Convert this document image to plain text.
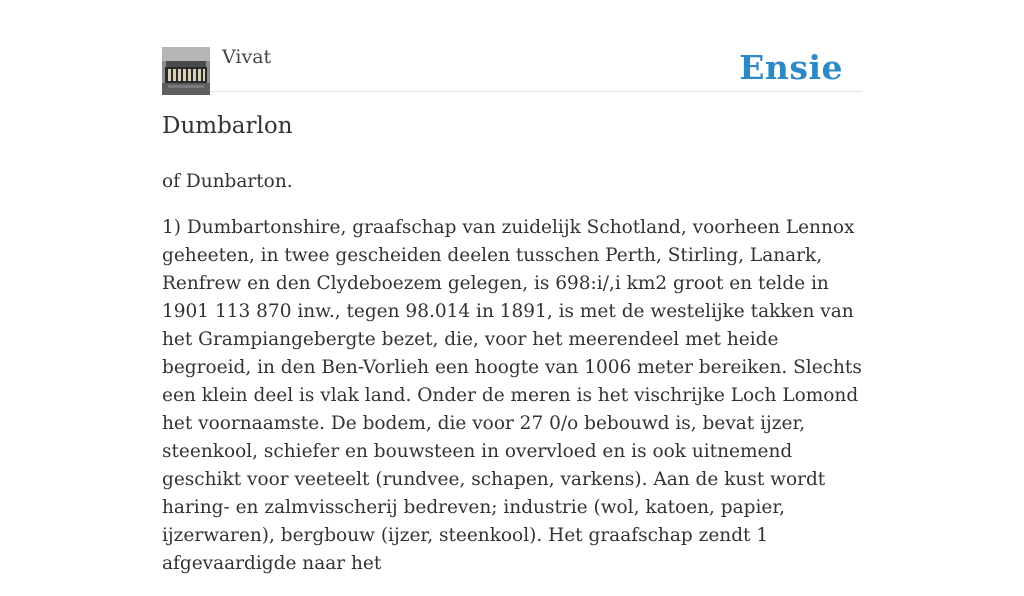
Vivat	Ensie
Dumbarlon

of Dunbarton.

1) Dumbartonshire, graafschap van zuidelijk Schotland, voorheen Lennox geheeten, in twee gescheiden deelen tusschen Perth, Stirling, Lanark, Renfrew en den Clydeboezem gelegen, is 698:i/,i km2 groot en telde in 1901 113 870 inw., tegen 98.014 in 1891, is met de westelijke takken van het Grampiangebergte bezet, die, voor het meerendeel met heide begroeid, in den Ben-Vorlieh een hoogte van 1006 meter bereiken. Slechts een klein deel is vlak land. Onder de meren is het vischrijke Loch Lomond het voornaamste. De bodem, die voor 27 0/o bebouwd is, bevat ijzer, steenkool, schiefer en bouwsteen in overvloed en is ook uitnemend geschikt voor veeteelt (rundvee, schapen, varkens). Aan de kust wordt haring- en zalmvisscherij bedreven; industrie (wol, katoen, papier, ijzerwaren), bergbouw (ijzer, steenkool). Het graafschap zendt 1 afgevaardigde naar het
